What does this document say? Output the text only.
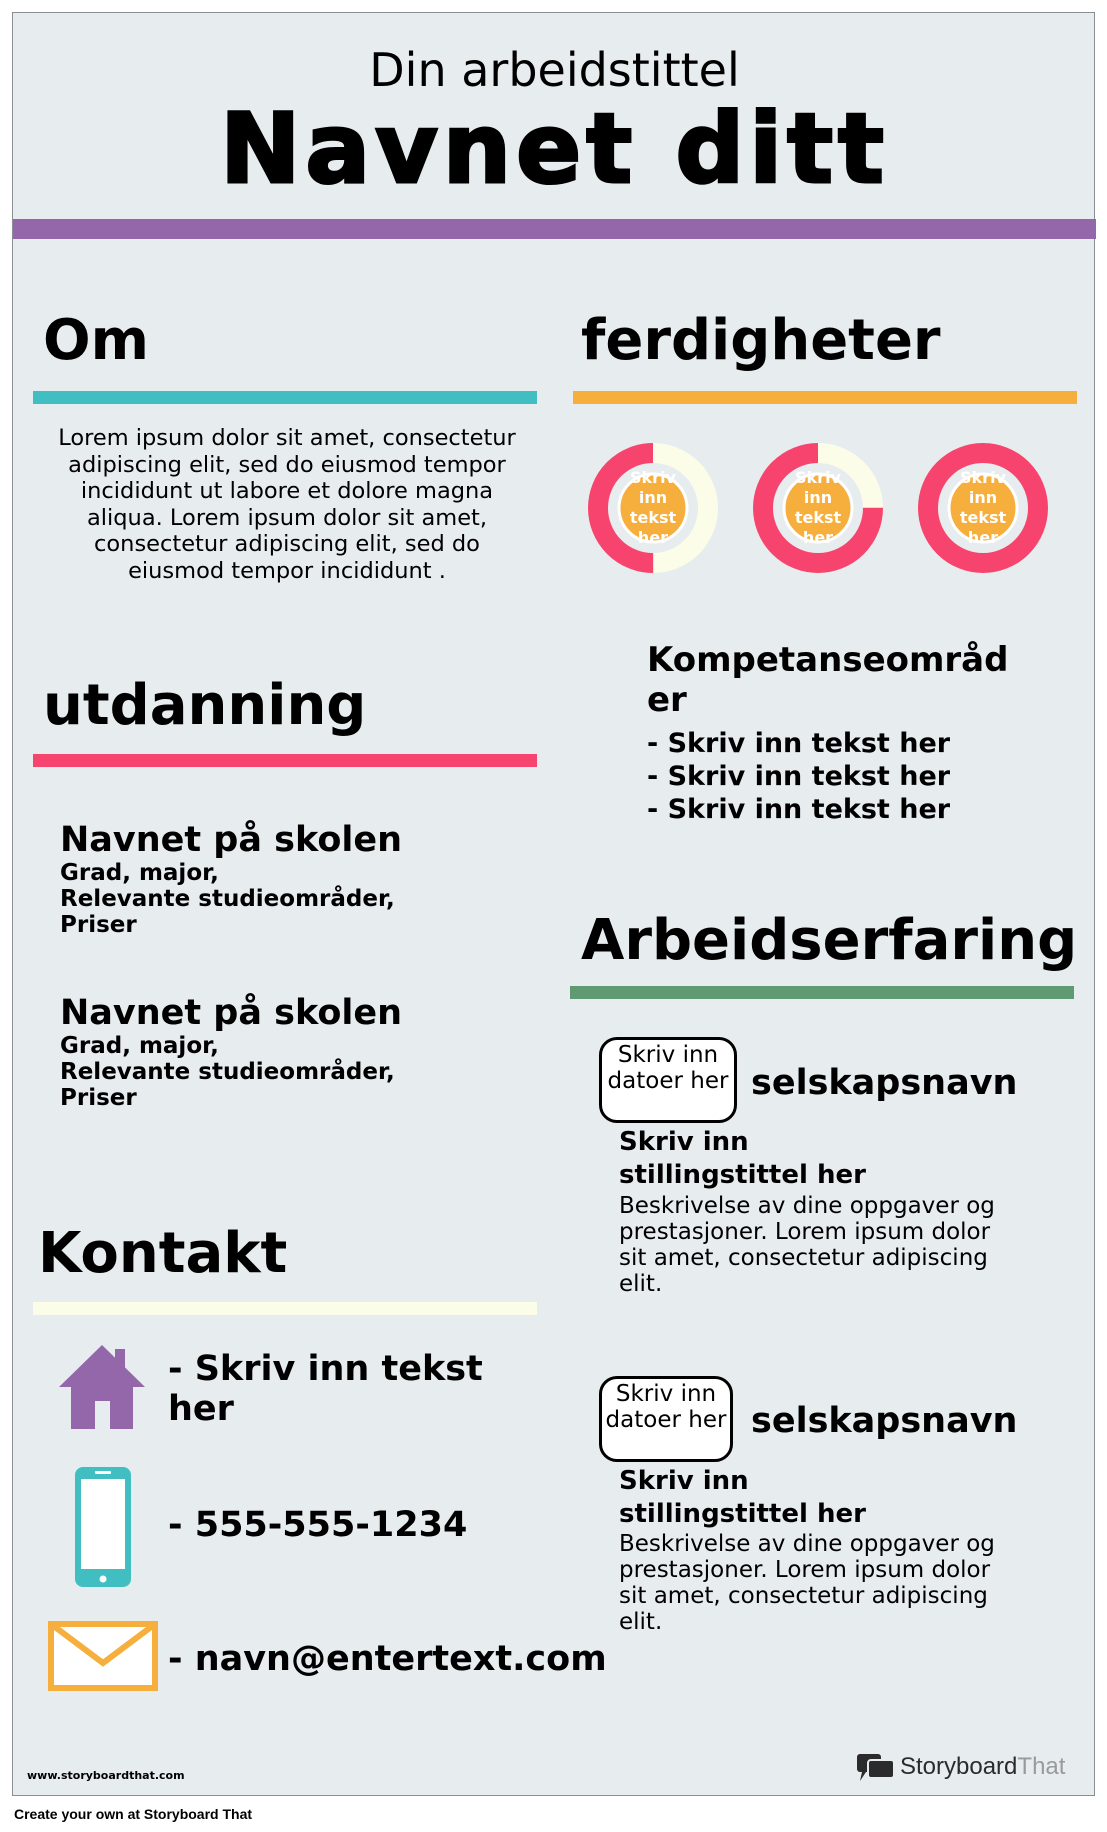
Din arbeidstittel
Navnet ditt
Om
Lorem ipsum dolor sit amet, consectetur adipiscing elit, sed do eiusmod tempor incididunt ut labore et dolore magna aliqua. Lorem ipsum dolor sit amet, consectetur adipiscing elit, sed do eiusmod tempor incididunt .
utdanning
Navnet på skolen
Grad, major,
Relevante studieområder,
Priser
Navnet på skolen
Grad, major,
Relevante studieområder,
Priser
Kontakt
- Skriv inn tekst her
- 555-555-1234
- navn@entertext.com
ferdigheter
Skriv inn tekst her
Skriv inn tekst her
Skriv inn tekst her
Kompetanseområder
- Skriv inn tekst her
- Skriv inn tekst her
- Skriv inn tekst her
Arbeidserfaring
Skriv inn datoer her selskapsnavn
Skriv inn stillingstittel her
Beskrivelse av dine oppgaver og prestasjoner. Lorem ipsum dolor sit amet, consectetur adipiscing elit.
Skriv inn datoer her selskapsnavn
Skriv inn stillingstittel her
Beskrivelse av dine oppgaver og prestasjoner. Lorem ipsum dolor sit amet, consectetur adipiscing elit.
www.storyboardthat.com	Storyboard That
Create your own at Storyboard That
